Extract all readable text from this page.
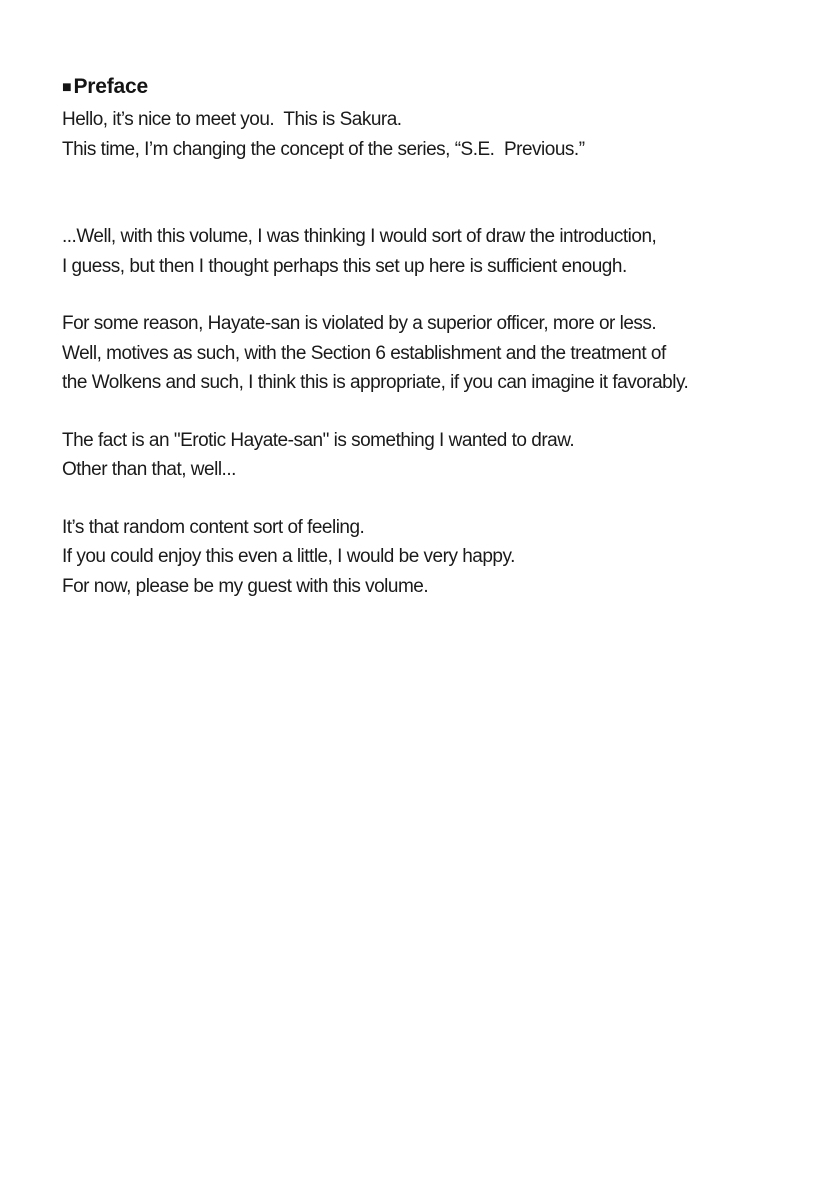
■Preface

Hello, it’s nice to meet you.  This is Sakura.

This time, I’m changing the concept of the series, “S.E.  Previous.”

...Well, with this volume, I was thinking I would sort of draw the introduction,

I guess, but then I thought perhaps this set up here is sufficient enough.

For some reason, Hayate-san is violated by a superior officer, more or less.

Well, motives as such, with the Section 6 establishment and the treatment of

the Wolkens and such, I think this is appropriate, if you can imagine it favorably.

The fact is an "Erotic Hayate-san" is something I wanted to draw.

Other than that, well...

It’s that random content sort of feeling.

If you could enjoy this even a little, I would be very happy.

For now, please be my guest with this volume.
